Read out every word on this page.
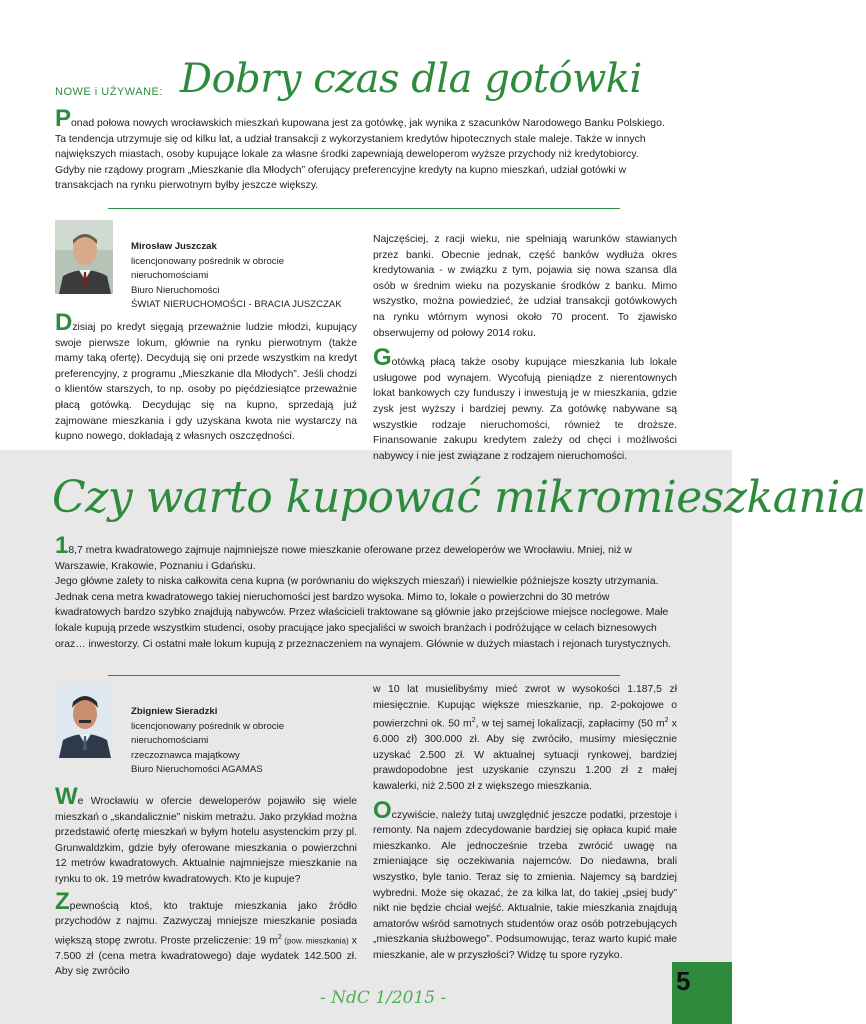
NOWE i UŻYWANE: Dobry czas dla gotówki

Ponad połowa nowych wrocławskich mieszkań kupowana jest za gotówkę, jak wynika z szacunków Narodowego Banku Polskiego. Ta tendencja utrzymuje się od kilku lat, a udział transakcji z wykorzystaniem kredytów hipotecznych stale maleje. Także w innych największych miastach, osoby kupujące lokale za własne środki zapewniają deweloperom wyższe przychody niż kredytobiorcy.

Gdyby nie rządowy program „Mieszkanie dla Młodych” oferujący preferencyjne kredyty na kupno mieszkań, udział gotówki w transakcjach na rynku pierwotnym byłby jeszcze większy.

Mirosław Juszczak
licencjonowany pośrednik w obrocie nieruchomościami
Biuro Nieruchomości
ŚWIAT NIERUCHOMOŚCI - BRACIA JUSZCZAK

Dzisiaj po kredyt sięgają przeważnie ludzie młodzi, kupujący swoje pierwsze lokum, głównie na rynku pierwotnym (także mamy taką ofertę). Decydują się oni przede wszystkim na kredyt preferencyjny, z programu „Mieszkanie dla Młodych”. Jeśli chodzi o klientów starszych, to np. osoby po pięćdziesiątce przeważnie płacą gotówką. Decydując się na kupno, sprzedają już zajmowane mieszkania i gdy uzyskana kwota nie wystarczy na kupno nowego, dokładają z własnych oszczędności.

Najczęściej, z racji wieku, nie spełniają warunków stawianych przez banki. Obecnie jednak, część banków wydłuża okres kredytowania - w związku z tym, pojawia się nowa szansa dla osób w średnim wieku na pozyskanie środków z banku. Mimo wszystko, można powiedzieć, że udział transakcji gotówkowych na rynku wtórnym wynosi około 70 procent. To zjawisko obserwujemy od połowy 2014 roku.

Gotówką płacą także osoby kupujące mieszkania lub lokale usługowe pod wynajem. Wycofują pieniądze z nierentownych lokat bankowych czy funduszy i inwestują je w mieszkania, gdzie zysk jest wyższy i bardziej pewny. Za gotówkę nabywane są wszystkie rodzaje nieruchomości, również te droższe. Finansowanie zakupu kredytem zależy od chęci i możliwości nabywcy i nie jest związane z rodzajem nieruchomości.

Czy warto kupować mikromieszkania

18,7 metra kwadratowego zajmuje najmniejsze nowe mieszkanie oferowane przez deweloperów we Wrocławiu. Mniej, niż w Warszawie, Krakowie, Poznaniu i Gdańsku.

Jego główne zalety to niska całkowita cena kupna (w porównaniu do większych mieszań) i niewielkie późniejsze koszty utrzymania. Jednak cena metra kwadratowego takiej nieruchomości jest bardzo wysoka. Mimo to, lokale o powierzchni do 30 metrów kwadratowych bardzo szybko znajdują nabywców. Przez właścicieli traktowane są głównie jako przejściowe miejsce noclegowe. Małe lokale kupują przede wszystkim studenci, osoby pracujące jako specjaliści w swoich branżach i podróżujące w celach biznesowych oraz… inwestorzy. Ci ostatni małe lokum kupują z przeznaczeniem na wynajem. Głównie w dużych miastach i rejonach turystycznych.

Zbigniew Sieradzki
licencjonowany pośrednik w obrocie nieruchomościami
rzeczoznawca majątkowy
Biuro Nieruchomości AGAMAS

We Wrocławiu w ofercie deweloperów pojawiło się wiele mieszkań o „skandalicznie” niskim metrażu. Jako przykład można przedstawić ofertę mieszkań w byłym hotelu asystenckim przy pl. Grunwaldzkim, gdzie były oferowane mieszkania o powierzchni 12 metrów kwadratowych. Aktualnie najmniejsze mieszkanie na rynku to ok. 19 metrów kwadratowych. Kto je kupuje?

Zpewnością ktoś, kto traktuje mieszkania jako źródło przychodów z najmu. Zazwyczaj mniejsze mieszkanie posiada większą stopę zwrotu. Proste przeliczenie: 19 $m^2$ (pow. mieszkania) x 7.500 zł (cena metra kwadratowego) daje wydatek 142.500 zł. Aby się zwróciło

w 10 lat musielibyśmy mieć zwrot w wysokości 1.187,5 zł miesięcznie. Kupując większe mieszkanie, np. 2-pokojowe o powierzchni ok. 50 $m^2$, w tej samej lokalizacji, zapłacimy (50 $m^2$ x 6.000 zł) 300.000 zł. Aby się zwróciło, musimy miesięcznie uzyskać 2.500 zł. W aktualnej sytuacji rynkowej, bardziej prawdopodobne jest uzyskanie czynszu 1.200 zł z małej kawalerki, niż 2.500 zł z większego mieszkania.

Oczywiście, należy tutaj uwzględnić jeszcze podatki, przestoje i remonty. Na najem zdecydowanie bardziej się opłaca kupić małe mieszkanko. Ale jednocześnie trzeba zwrócić uwagę na zmieniające się oczekiwania najemców. Do niedawna, brali wszystko, byle tanio. Teraz się to zmienia. Najemcy są bardziej wybredni. Może się okazać, że za kilka lat, do takiej „psiej budy” nikt nie będzie chciał wejść. Aktualnie, takie mieszkania znajdują amatorów wśród samotnych studentów oraz osób potrzebujących „mieszkania służbowego”. Podsumowując, teraz warto kupić małe mieszkanie, ale w przyszłości? Widzę tu spore ryzyko.

- NdC 1/2015 -
5
